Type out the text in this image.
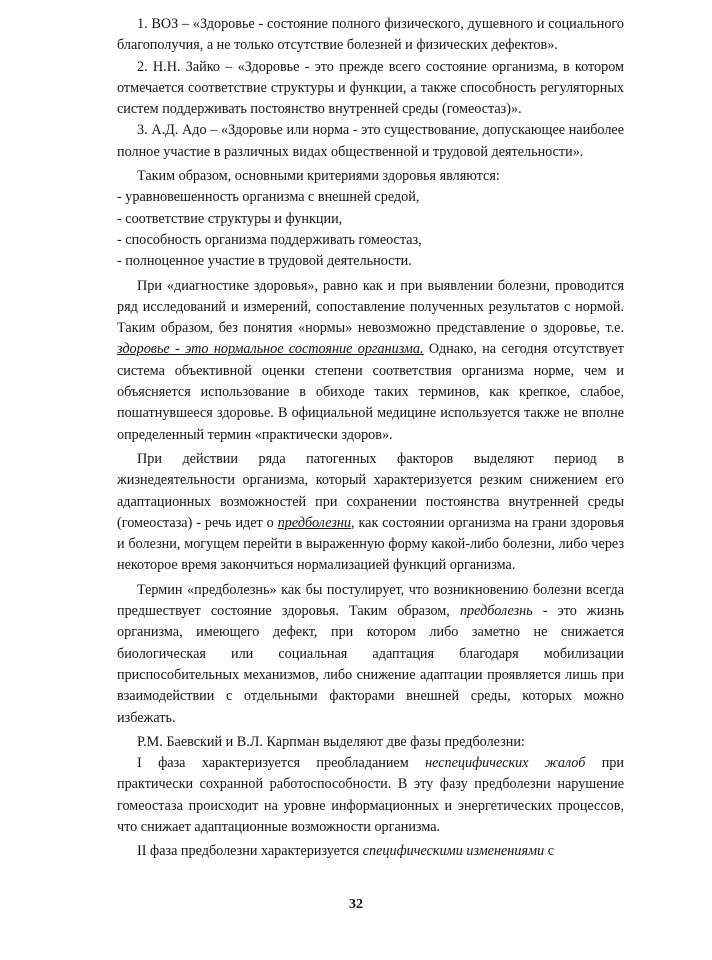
1. ВОЗ – «Здоровье - состояние полного физического, душевного и социального благополучия, а не только отсутствие болезней и физических дефектов».

2. Н.Н. Зайко – «Здоровье - это прежде всего состояние организма, в котором отмечается соответствие структуры и функции, а также способность регуляторных систем поддерживать постоянство внутренней среды (гомеостаз)».

3. А.Д. Адо – «Здоровье или норма - это существование, допускающее наиболее полное участие в различных видах общественной и трудовой деятельности».

Таким образом, основными критериями здоровья являются:

- уравновешенность организма с внешней средой,

- соответствие структуры и функции,

- способность организма поддерживать гомеостаз,

- полноценное участие в трудовой деятельности.

При «диагностике здоровья», равно как и при выявлении болезни, проводится ряд исследований и измерений, сопоставление полученных результатов с нормой. Таким образом, без понятия «нормы» невозможно представление о здоровье, т.е. здоровье - это нормальное состояние организма. Однако, на сегодня отсутствует система объективной оценки степени соответствия организма норме, чем и объясняется использование в обиходе таких терминов, как крепкое, слабое, пошатнувшееся здоровье. В официальной медицине используется также не вполне определенный термин «практически здоров».

При действии ряда патогенных факторов выделяют период в жизнедеятельности организма, который характеризуется резким снижением его адаптационных возможностей при сохранении постоянства внутренней среды (гомеостаза) - речь идет о предболезни, как состоянии организма на грани здоровья и болезни, могущем перейти в выраженную форму какой-либо болезни, либо через некоторое время закончиться нормализацией функций организма.

Термин «предболезнь» как бы постулирует, что возникновению болезни всегда предшествует состояние здоровья. Таким образом, предболезнь - это жизнь организма, имеющего дефект, при котором либо заметно не снижается биологическая или социальная адаптация благодаря мобилизации приспособительных механизмов, либо снижение адаптации проявляется лишь при взаимодействии с отдельными факторами внешней среды, которых можно избежать.

Р.М. Баевский и В.Л. Карпман выделяют две фазы предболезни:

I фаза характеризуется преобладанием неспецифических жалоб при практически сохранной работоспособности. В эту фазу предболезни нарушение гомеостаза происходит на уровне информационных и энергетических процессов, что снижает адаптационные возможности организма.

II фаза предболезни характеризуется специфическими изменениями с

32
